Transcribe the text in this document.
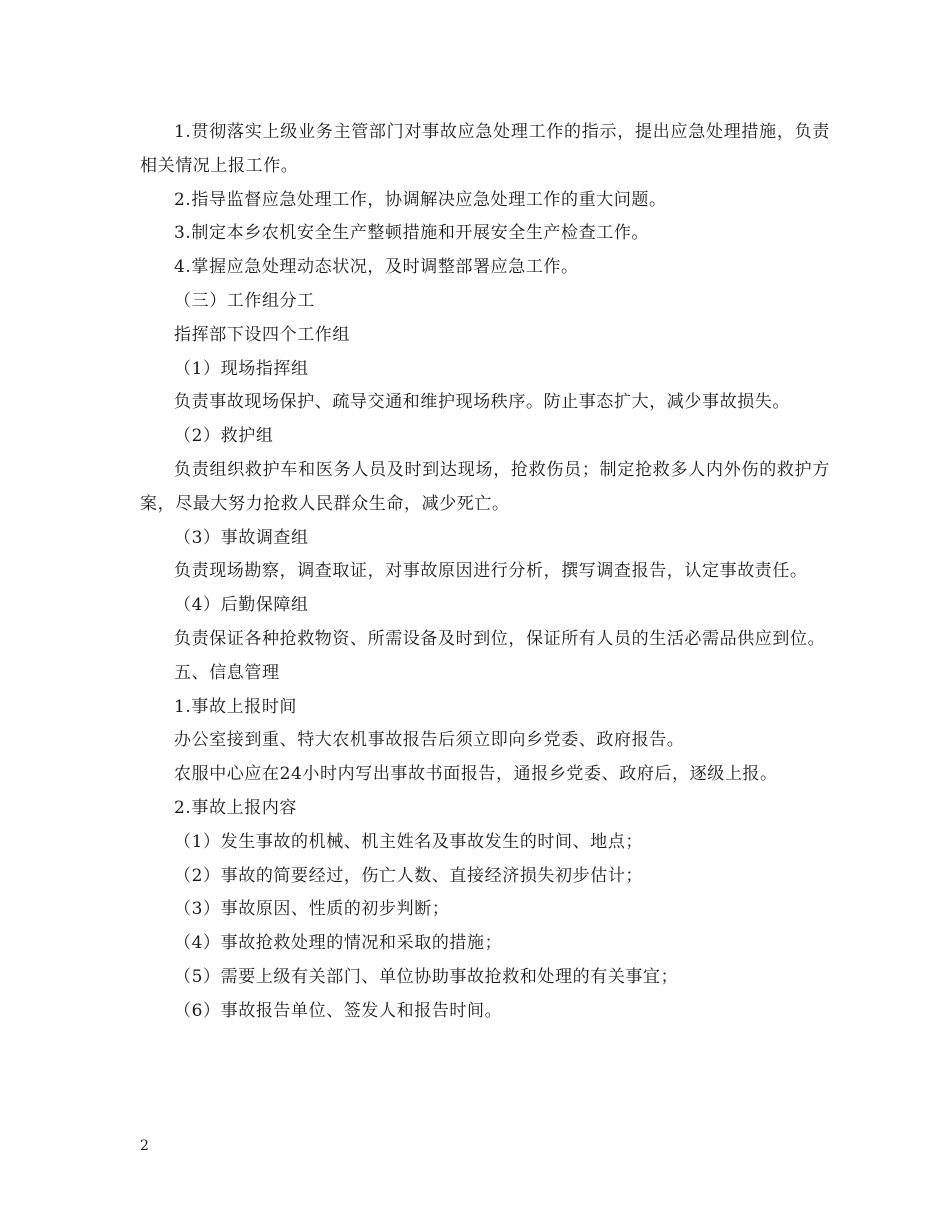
1.贯彻落实上级业务主管部门对事故应急处理工作的指示，提出应急处理措施，负责相关情况上报工作。

2.指导监督应急处理工作，协调解决应急处理工作的重大问题。

3.制定本乡农机安全生产整顿措施和开展安全生产检查工作。

4.掌握应急处理动态状况，及时调整部署应急工作。

（三）工作组分工

指挥部下设四个工作组

（1）现场指挥组

负责事故现场保护、疏导交通和维护现场秩序。防止事态扩大，减少事故损失。

（2）救护组

负责组织救护车和医务人员及时到达现场，抢救伤员；制定抢救多人内外伤的救护方案，尽最大努力抢救人民群众生命，减少死亡。

（3）事故调查组

负责现场勘察，调查取证，对事故原因进行分析，撰写调查报告，认定事故责任。

（4）后勤保障组

负责保证各种抢救物资、所需设备及时到位，保证所有人员的生活必需品供应到位。

五、信息管理

1.事故上报时间

办公室接到重、特大农机事故报告后须立即向乡党委、政府报告。

农服中心应在24小时内写出事故书面报告，通报乡党委、政府后，逐级上报。

2.事故上报内容

（1）发生事故的机械、机主姓名及事故发生的时间、地点；

（2）事故的简要经过，伤亡人数、直接经济损失初步估计；

（3）事故原因、性质的初步判断；

（4）事故抢救处理的情况和采取的措施；

（5）需要上级有关部门、单位协助事故抢救和处理的有关事宜；

（6）事故报告单位、签发人和报告时间。

2
